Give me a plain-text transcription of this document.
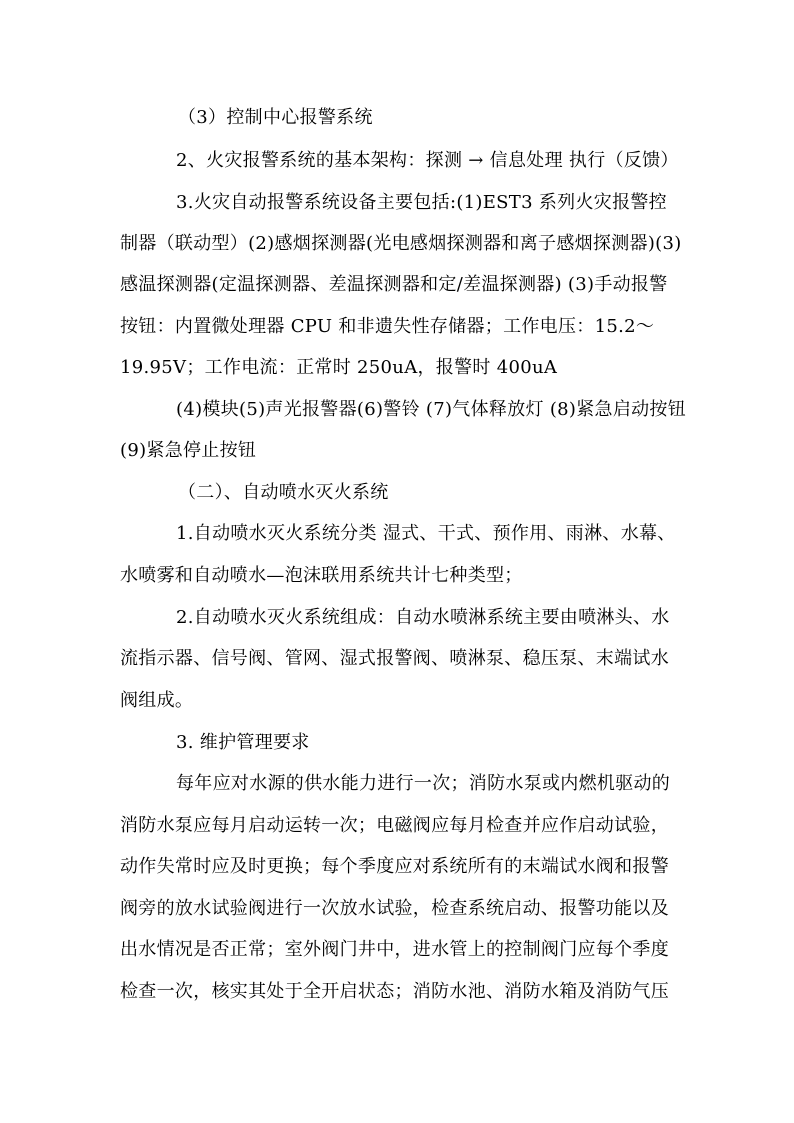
（3）控制中心报警系统
2、火灾报警系统的基本架构：探测 → 信息处理 执行（反馈）
3.火灾自动报警系统设备主要包括:(1)EST3 系列火灾报警控
制器（联动型）(2)感烟探测器(光电感烟探测器和离子感烟探测器)(3)
感温探测器(定温探测器、差温探测器和定/差温探测器) (3)手动报警
按钮：内置微处理器 CPU 和非遗失性存储器；工作电压：15.2～
19.95V；工作电流：正常时 250uA，报警时 400uA
(4)模块(5)声光报警器(6)警铃 (7)气体释放灯 (8)紧急启动按钮
(9)紧急停止按钮
（二）、自动喷水灭火系统
1.自动喷水灭火系统分类 湿式、干式、预作用、雨淋、水幕、
水喷雾和自动喷水—泡沫联用系统共计七种类型；
2.自动喷水灭火系统组成：自动水喷淋系统主要由喷淋头、水
流指示器、信号阀、管网、湿式报警阀、喷淋泵、稳压泵、末端试水
阀组成。
3. 维护管理要求
每年应对水源的供水能力进行一次；消防水泵或内燃机驱动的
消防水泵应每月启动运转一次；电磁阀应每月检查并应作启动试验，
动作失常时应及时更换；每个季度应对系统所有的末端试水阀和报警
阀旁的放水试验阀进行一次放水试验，检查系统启动、报警功能以及
出水情况是否正常；室外阀门井中，进水管上的控制阀门应每个季度
检查一次，核实其处于全开启状态；消防水池、消防水箱及消防气压
